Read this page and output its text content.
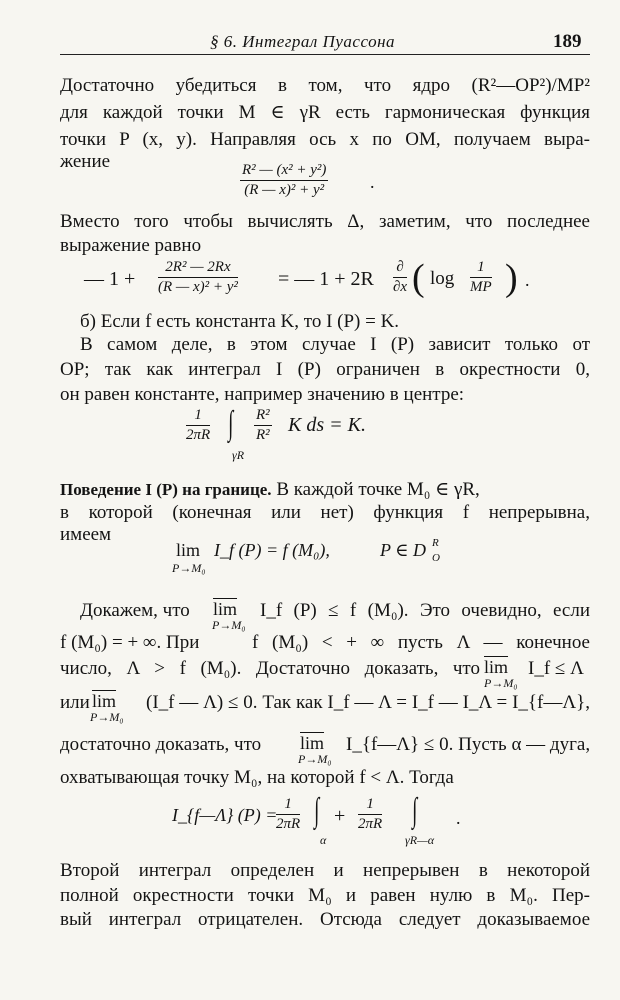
§ 6. Интеграл Пуассона	189
Достаточно убедиться в том, что ядро (R²—OP²)/MP²
для каждой точки M ∈ γR есть гармоническая функция
точки P (x, y). Направляя ось x по OM, получаем выра-
жение
$\frac{\text{R² — (x² + y²)}}{\text{(R — x)² + y²}}$ .
Вместо того чтобы вычислять Δ, заметим, что последнее
выражение равно
— $1 + \frac{\text{2R² — 2Rx}}{\text{(R — x)² + y²}}$ = — 1 + 2R
∂
∂x ( $\log \frac{1}{MP}$ ) .
б) Если f есть константа K, то I (P) = K.
В самом деле, в этом случае I (P) зависит только от
OP; так как интеграл I (P) ограничен в окрестности 0,
он равен константе, например значению в центре:
$\frac{1}{2\pi R}$ ∫
γR
$\frac{\text{R²}}{\text{R²}}$ K ds = K.
Поведение I (P) на границе. В каждой точке M₀ ∈ γR,
в которой (конечная или нет) функция f непрерывна,
имеем
lim
P→M₀
I_f (P) = f (M₀),	P ∈ D R
O
Докажем, что	$\overline{lim}$
P→M₀
I_f (P) ≤ f (M₀). Это очевидно, если
f (M₀) = + ∞. При	f (M₀) < + ∞ пусть Λ — конечное
число, Λ > f (M₀). Достаточно доказать, что $\overline{lim}$
P→M₀
I_f ≤ Λ
или $\overline{lim}$
P→M₀
(I_f — Λ) ≤ 0. Так как I_f — Λ = I_f — I_Λ = I_{f—Λ},
достаточно доказать, что	$\overline{lim}$
P→M₀
I_{f—Λ} ≤ 0. Пусть α — дуга,
охватывающая точку M₀, на которой f < Λ. Тогда
I_{f—Λ} (P) =
$\frac{1}{2\pi R}$ ∫
α
+ $\frac{1}{2\pi R}$ ∫
γR—α
.
Второй интеграл определен и непрерывен в некоторой
полной окрестности точки M₀ и равен нулю в M₀. Пер-
вый интеграл отрицателен. Отсюда следует доказываемое
